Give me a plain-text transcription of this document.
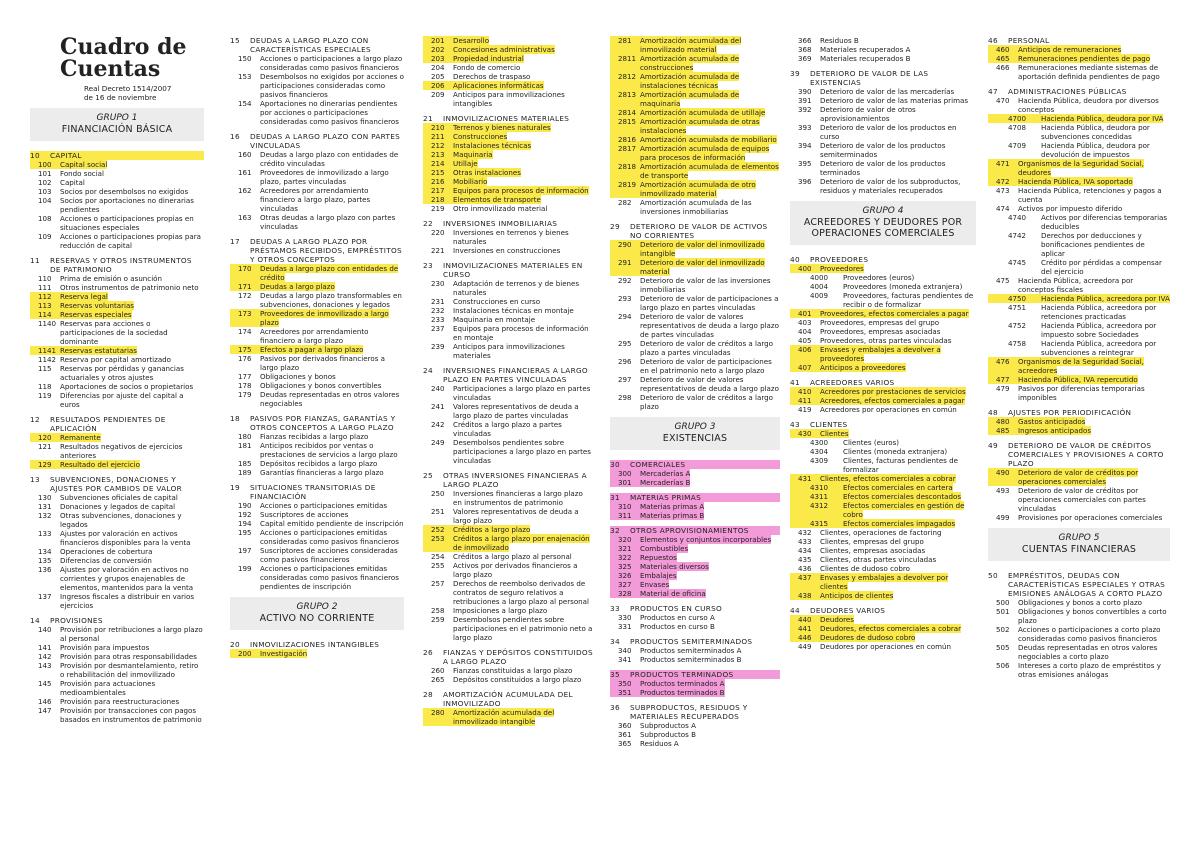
Cuadro de
Cuentas
Real Decreto 1514/2007
de 16 de noviembre
GRUPO 1
FINANCIACIÓN BÁSICA
10	CAPITAL
100	Capital social
101	Fondo social
102	Capital
103	Socios por desembolsos no exigidos
104	Socios por aportaciones no dinerarias pendientes
108	Acciones o participaciones propias en situaciones especiales
109	Acciones o participaciones propias para reducción de capital
11	RESERVAS Y OTROS INSTRUMENTOS DE PATRIMONIO
110	Prima de emisión o asunción
111	Otros instrumentos de patrimonio neto
112	Reserva legal
113	Reservas voluntarias
114	Reservas especiales
1140 Reservas para acciones o participaciones de la sociedad dominante
1141 Reservas estatutarias
1142 Reserva por capital amortizado
115	Reservas por pérdidas y ganancias actuariales y otros ajustes
118	Aportaciones de socios o propietarios
119	Diferencias por ajuste del capital a euros
12	RESULTADOS PENDIENTES DE APLICACIÓN
120	Remanente
121	Resultados negativos de ejercicios anteriores
129	Resultado del ejercicio
13	SUBVENCIONES, DONACIONES Y AJUSTES POR CAMBIOS DE VALOR
130	Subvenciones oficiales de capital
131	Donaciones y legados de capital
132	Otras subvenciones, donaciones y legados
133	Ajustes por valoración en activos financieros disponibles para la venta
134	Operaciones de cobertura
135	Diferencias de conversión
136	Ajustes por valoración en activos no corrientes y grupos enajenables de elementos, mantenidos para la venta
137	Ingresos fiscales a distribuir en varios ejercicios
14	PROVISIONES
140	Provisión por retribuciones a largo plazo al personal
141	Provisión para impuestos
142	Provisión para otras responsabilidades
143	Provisión por desmantelamiento, retiro o rehabilitación del inmovilizado
145	Provisión para actuaciones medioambientales
146	Provisión para reestructuraciones
147	Provisión por transacciones con pagos basados en instrumentos de patrimonio
15	DEUDAS A LARGO PLAZO CON CARACTERÍSTICAS ESPECIALES
150	Acciones o participaciones a largo plazo consideradas como pasivos financieros
153	Desembolsos no exigidos por acciones o participaciones consideradas como pasivos financieros
154	Aportaciones no dinerarias pendientes por acciones o participaciones consideradas como pasivos financieros
16	DEUDAS A LARGO PLAZO CON PARTES VINCULADAS
160	Deudas a largo plazo con entidades de crédito vinculadas
161	Proveedores de inmovilizado a largo plazo, partes vinculadas
162	Acreedores por arrendamiento financiero a largo plazo, partes vinculadas
163	Otras deudas a largo plazo con partes vinculadas
17	DEUDAS A LARGO PLAZO POR PRÉSTAMOS RECIBIDOS, EMPRÉSTITOS Y OTROS CONCEPTOS
170	Deudas a largo plazo con entidades de crédito
171	Deudas a largo plazo
172	Deudas a largo plazo transformables en subvenciones, donaciones y legados
173	Proveedores de inmovilizado a largo plazo
174	Acreedores por arrendamiento financiero a largo plazo
175	Efectos a pagar a largo plazo
176	Pasivos por derivados financieros a largo plazo
177	Obligaciones y bonos
178	Obligaciones y bonos convertibles
179	Deudas representadas en otros valores negociables
18	PASIVOS POR FIANZAS, GARANTÍAS Y OTROS CONCEPTOS A LARGO PLAZO
180	Fianzas recibidas a largo plazo
181	Anticipos recibidos por ventas o prestaciones de servicios a largo plazo
185	Depósitos recibidos a largo plazo
189	Garantías financieras a largo plazo
19	SITUACIONES TRANSITORIAS DE FINANCIACIÓN
190	Acciones o participaciones emitidas
192	Suscriptores de acciones
194	Capital emitido pendiente de inscripción
195	Acciones o participaciones emitidas consideradas como pasivos financieros
197	Suscriptores de acciones consideradas como pasivos financieros
199	Acciones o participaciones emitidas consideradas como pasivos financieros pendientes de inscripción
GRUPO 2
ACTIVO NO CORRIENTE
20	INMOVILIZACIONES INTANGIBLES
200	Investigación
201	Desarrollo
202	Concesiones administrativas
203	Propiedad industrial
204	Fondo de comercio
205	Derechos de traspaso
206	Aplicaciones informáticas
209	Anticipos para inmovilizaciones intangibles
21	INMOVILIZACIONES MATERIALES
210	Terrenos y bienes naturales
211	Construcciones
212	Instalaciones técnicas
213	Maquinaria
214	Utillaje
215	Otras instalaciones
216	Mobiliario
217	Equipos para procesos de información
218	Elementos de transporte
219	Otro inmovilizado material
22	INVERSIONES INMOBILIARIAS
220	Inversiones en terrenos y bienes naturales
221	Inversiones en construcciones
23	INMOVILIZACIONES MATERIALES EN CURSO
230	Adaptación de terrenos y de bienes naturales
231	Construcciones en curso
232	Instalaciones técnicas en montaje
233	Maquinaria en montaje
237	Equipos para procesos de información en montaje
239	Anticipos para inmovilizaciones materiales
24	INVERSIONES FINANCIERAS A LARGO PLAZO EN PARTES VINCULADAS
240	Participaciones a largo plazo en partes vinculadas
241	Valores representativos de deuda a largo plazo de partes vinculadas
242	Créditos a largo plazo a partes vinculadas
249	Desembolsos pendientes sobre participaciones a largo plazo en partes vinculadas
25	OTRAS INVERSIONES FINANCIERAS A LARGO PLAZO
250	Inversiones financieras a largo plazo en instrumentos de patrimonio
251	Valores representativos de deuda a largo plazo
252	Créditos a largo plazo
253	Créditos a largo plazo por enajenación de inmovilizado
254	Créditos a largo plazo al personal
255	Activos por derivados financieros a largo plazo
257	Derechos de reembolso derivados de contratos de seguro relativos a retribuciones a largo plazo al personal
258	Imposiciones a largo plazo
259	Desembolsos pendientes sobre participaciones en el patrimonio neto a largo plazo
26	FIANZAS Y DEPÓSITOS CONSTITUIDOS A LARGO PLAZO
260	Fianzas constituidas a largo plazo
265	Depósitos constituidos a largo plazo
28	AMORTIZACIÓN ACUMULADA DEL INMOVILIZADO
280	Amortización acumulada del inmovilizado intangible
281	Amortización acumulada del inmovilizado material
2811 Amortización acumulada de construcciones
2812 Amortización acumulada de instalaciones técnicas
2813 Amortización acumulada de maquinaria
2814 Amortización acumulada de utillaje
2815 Amortización acumulada de otras instalaciones
2816 Amortización acumulada de mobiliario
2817 Amortización acumulada de equipos para procesos de información
2818 Amortización acumulada de elementos de transporte
2819 Amortización acumulada de otro inmovilizado material
282	Amortización acumulada de las inversiones inmobiliarias
29	DETERIORO DE VALOR DE ACTIVOS NO CORRIENTES
290	Deterioro de valor del inmovilizado intangible
291	Deterioro de valor del inmovilizado material
292	Deterioro de valor de las inversiones inmobiliarias
293	Deterioro de valor de participaciones a largo plazo en partes vinculadas
294	Deterioro de valor de valores representativos de deuda a largo plazo de partes vinculadas
295	Deterioro de valor de créditos a largo plazo a partes vinculadas
296	Deterioro de valor de participaciones en el patrimonio neto a largo plazo
297	Deterioro de valor de valores representativos de deuda a largo plazo
298	Deterioro de valor de créditos a largo plazo
GRUPO 3
EXISTENCIAS
30	COMERCIALES
300	Mercaderías A
301	Mercaderías B
31	MATERIAS PRIMAS
310	Materias primas A
311	Materias primas B
32	OTROS APROVISIONAMIENTOS
320	Elementos y conjuntos incorporables
321	Combustibles
322	Repuestos
325	Materiales diversos
326	Embalajes
327	Envases
328	Material de oficina
33	PRODUCTOS EN CURSO
330	Productos en curso A
331	Productos en curso B
34	PRODUCTOS SEMITERMINADOS
340	Productos semiterminados A
341	Productos semiterminados B
35	PRODUCTOS TERMINADOS
350	Productos terminados A
351	Productos terminados B
36	SUBPRODUCTOS, RESIDUOS Y MATERIALES RECUPERADOS
360	Subproductos A
361	Subproductos B
365	Residuos A
366	Residuos B
368	Materiales recuperados A
369	Materiales recuperados B
39	DETERIORO DE VALOR DE LAS EXISTENCIAS
390	Deterioro de valor de las mercaderías
391	Deterioro de valor de las materias primas
392	Deterioro de valor de otros aprovisionamientos
393	Deterioro de valor de los productos en curso
394	Deterioro de valor de los productos semiterminados
395	Deterioro de valor de los productos terminados
396	Deterioro de valor de los subproductos, residuos y materiales recuperados
GRUPO 4
ACREEDORES Y DEUDORES POR OPERACIONES COMERCIALES
40	PROVEEDORES
400	Proveedores
4000	Proveedores (euros)
4004	Proveedores (moneda extranjera)
4009	Proveedores, facturas pendientes de recibir o de formalizar
401	Proveedores, efectos comerciales a pagar
403	Proveedores, empresas del grupo
404	Proveedores, empresas asociadas
405	Proveedores, otras partes vinculadas
406	Envases y embalajes a devolver a proveedores
407	Anticipos a proveedores
41	ACREEDORES VARIOS
410	Acreedores por prestaciones de servicios
411	Acreedores, efectos comerciales a pagar
419	Acreedores por operaciones en común
43	CLIENTES
430	Clientes
4300	Clientes (euros)
4304	Clientes (moneda extranjera)
4309	Clientes, facturas pendientes de formalizar
431	Clientes, efectos comerciales a cobrar
4310	Efectos comerciales en cartera
4311	Efectos comerciales descontados
4312	Efectos comerciales en gestión de cobro
4315	Efectos comerciales impagados
432	Clientes, operaciones de factoring
433	Clientes, empresas del grupo
434	Clientes, empresas asociadas
435	Clientes, otras partes vinculadas
436	Clientes de dudoso cobro
437	Envases y embalajes a devolver por clientes
438	Anticipos de clientes
44	DEUDORES VARIOS
440	Deudores
441	Deudores, efectos comerciales a cobrar
446	Deudores de dudoso cobro
449	Deudores por operaciones en común
46	PERSONAL
460	Anticipos de remuneraciones
465	Remuneraciones pendientes de pago
466	Remuneraciones mediante sistemas de aportación definida pendientes de pago
47	ADMINISTRACIONES PÚBLICAS
470	Hacienda Pública, deudora por diversos conceptos
4700	Hacienda Pública, deudora por IVA
4708	Hacienda Pública, deudora por subvenciones concedidas
4709	Hacienda Pública, deudora por devolución de impuestos
471	Organismos de la Seguridad Social, deudores
472	Hacienda Pública, IVA soportado
473	Hacienda Pública, retenciones y pagos a cuenta
474	Activos por impuesto diferido
4740	Activos por diferencias temporarias deducibles
4742	Derechos por deducciones y bonificaciones pendientes de aplicar
4745	Crédito por pérdidas a compensar del ejercicio
475	Hacienda Pública, acreedora por conceptos fiscales
4750	Hacienda Pública, acreedora por IVA
4751	Hacienda Pública, acreedora por retenciones practicadas
4752	Hacienda Pública, acreedora por impuesto sobre Sociedades
4758	Hacienda Pública, acreedora por subvenciones a reintegrar
476	Organismos de la Seguridad Social, acreedores
477	Hacienda Pública, IVA repercutido
479	Pasivos por diferencias temporarias imponibles
48	AJUSTES POR PERIODIFICACIÓN
480	Gastos anticipados
485	Ingresos anticipados
49	DETERIORO DE VALOR DE CRÉDITOS COMERCIALES Y PROVISIONES A CORTO PLAZO
490	Deterioro de valor de créditos por operaciones comerciales
493	Deterioro de valor de créditos por operaciones comerciales con partes vinculadas
499	Provisiones por operaciones comerciales
GRUPO 5
CUENTAS FINANCIERAS
50	EMPRÉSTITOS, DEUDAS CON CARACTERÍSTICAS ESPECIALES Y OTRAS EMISIONES ANÁLOGAS A CORTO PLAZO
500	Obligaciones y bonos a corto plazo
501	Obligaciones y bonos convertibles a corto plazo
502	Acciones o participaciones a corto plazo consideradas como pasivos financieros
505	Deudas representadas en otros valores negociables a corto plazo
506	Intereses a corto plazo de empréstitos y otras emisiones análogas
